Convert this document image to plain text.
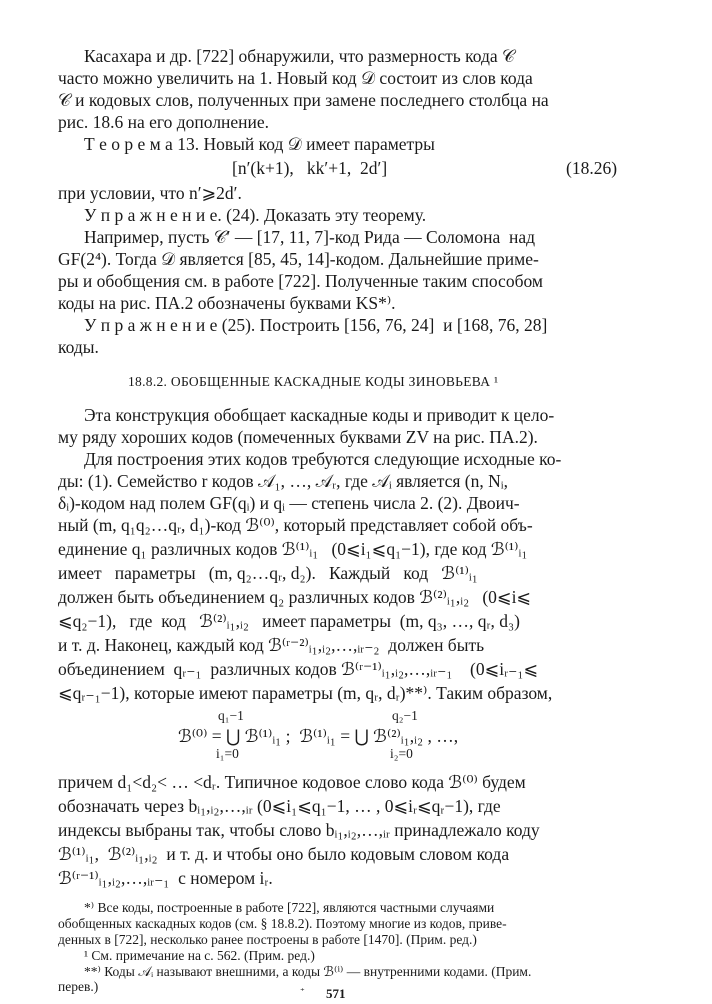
Касахара и др. [722] обнаружили, что размерность кода 𝒞

часто можно увеличить на 1. Новый код 𝒟 состоит из слов кода

𝒞 и кодовых слов, полученных при замене последнего столбца на

рис. 18.6 на его дополнение.

Т е о р е м а 13. Новый код 𝒟 имеет параметры

[n′(k+1),   kk′+1,  2d′]	(18.26)

при условии, что n′⩾2d′.

У п р а ж н е н и е. (24). Доказать эту теорему.

Например, пусть 𝒞′ — [17, 11, 7]-код Рида — Соломона  над

GF(2⁴). Тогда 𝒟 является [85, 45, 14]-кодом. Дальнейшие приме-

ры и обобщения см. в работе [722]. Полученные таким способом

коды на рис. ПА.2 обозначены буквами KS*⁾.

У п р а ж н е н и е (25). Построить [156, 76, 24]  и [168, 76, 28]

коды.

18.8.2. ОБОБЩЕННЫЕ КАСКАДНЫЕ КОДЫ ЗИНОВЬЕВА ¹

Эта конструкция обобщает каскадные коды и приводит к цело-

му ряду хороших кодов (помеченных буквами ZV на рис. ПА.2).

Для построения этих кодов требуются следующие исходные ко-

ды: (1). Семейство r кодов 𝒜₁, …, 𝒜ᵣ, где 𝒜ᵢ является (n, Nᵢ,

δᵢ)-кодом над полем GF(qᵢ) и qᵢ — степень числа 2. (2). Двоич-

ный (m, q₁q₂…qᵣ, d₁)-код ℬ⁽⁰⁾, который представляет собой объ-

единение q₁ различных кодов ℬ⁽¹⁾ᵢ₁   (0⩽i₁⩽q₁−1), где код ℬ⁽¹⁾ᵢ₁

имеет   параметры   (m, q₂…qᵣ, d₂).   Каждый   код   ℬ⁽¹⁾ᵢ₁

должен быть объединением q₂ различных кодов ℬ⁽²⁾ᵢ₁,ᵢ₂   (0⩽i⩽

⩽q₂−1),   где  код   ℬ⁽²⁾ᵢ₁,ᵢ₂   имеет параметры  (m, q₃, …, qᵣ, d₃)

и т. д. Наконец, каждый код ℬ⁽ʳ⁻²⁾ᵢ₁,ᵢ₂,…,ᵢᵣ₋₂  должен быть

объединением  qᵣ₋₁  различных кодов ℬ⁽ʳ⁻¹⁾ᵢ₁,ᵢ₂,…,ᵢᵣ₋₁    (0⩽iᵣ₋₁⩽

⩽qᵣ₋₁−1), которые имеют параметры (m, qᵣ, dᵣ)**⁾. Таким образом,

q₁−1	q₂−1

ℬ⁽⁰⁾ = ⋃ ℬ⁽¹⁾ᵢ₁ ;  ℬ⁽¹⁾ᵢ₁ = ⋃ ℬ⁽²⁾ᵢ₁,ᵢ₂ , …,

i₁=0	i₂=0

причем d₁<d₂< … <dᵣ. Типичное кодовое слово кода ℬ⁽⁰⁾ будем

обозначать через bᵢ₁,ᵢ₂,…,ᵢᵣ (0⩽i₁⩽q₁−1, … , 0⩽iᵣ⩽qᵣ−1), где

индексы выбраны так, чтобы слово bᵢ₁,ᵢ₂,…,ᵢᵣ принадлежало коду

ℬ⁽¹⁾ᵢ₁,  ℬ⁽²⁾ᵢ₁,ᵢ₂  и т. д. и чтобы оно было кодовым словом кода

ℬ⁽ʳ⁻¹⁾ᵢ₁,ᵢ₂,…,ᵢᵣ₋₁  с номером iᵣ.

*⁾ Все коды, построенные в работе [722], являются частными случаями

обобщенных каскадных кодов (см. § 18.8.2). Поэтому многие из кодов, приве-

денных в [722], несколько ранее построены в работе [1470]. (Прим. ред.)

¹ См. примечание на с. 562. (Прим. ред.)

**⁾ Коды 𝒜ᵢ называют внешними, а коды ℬ⁽ⁱ⁾ — внутренними кодами. (Прим.

перев.)	571

⁺
